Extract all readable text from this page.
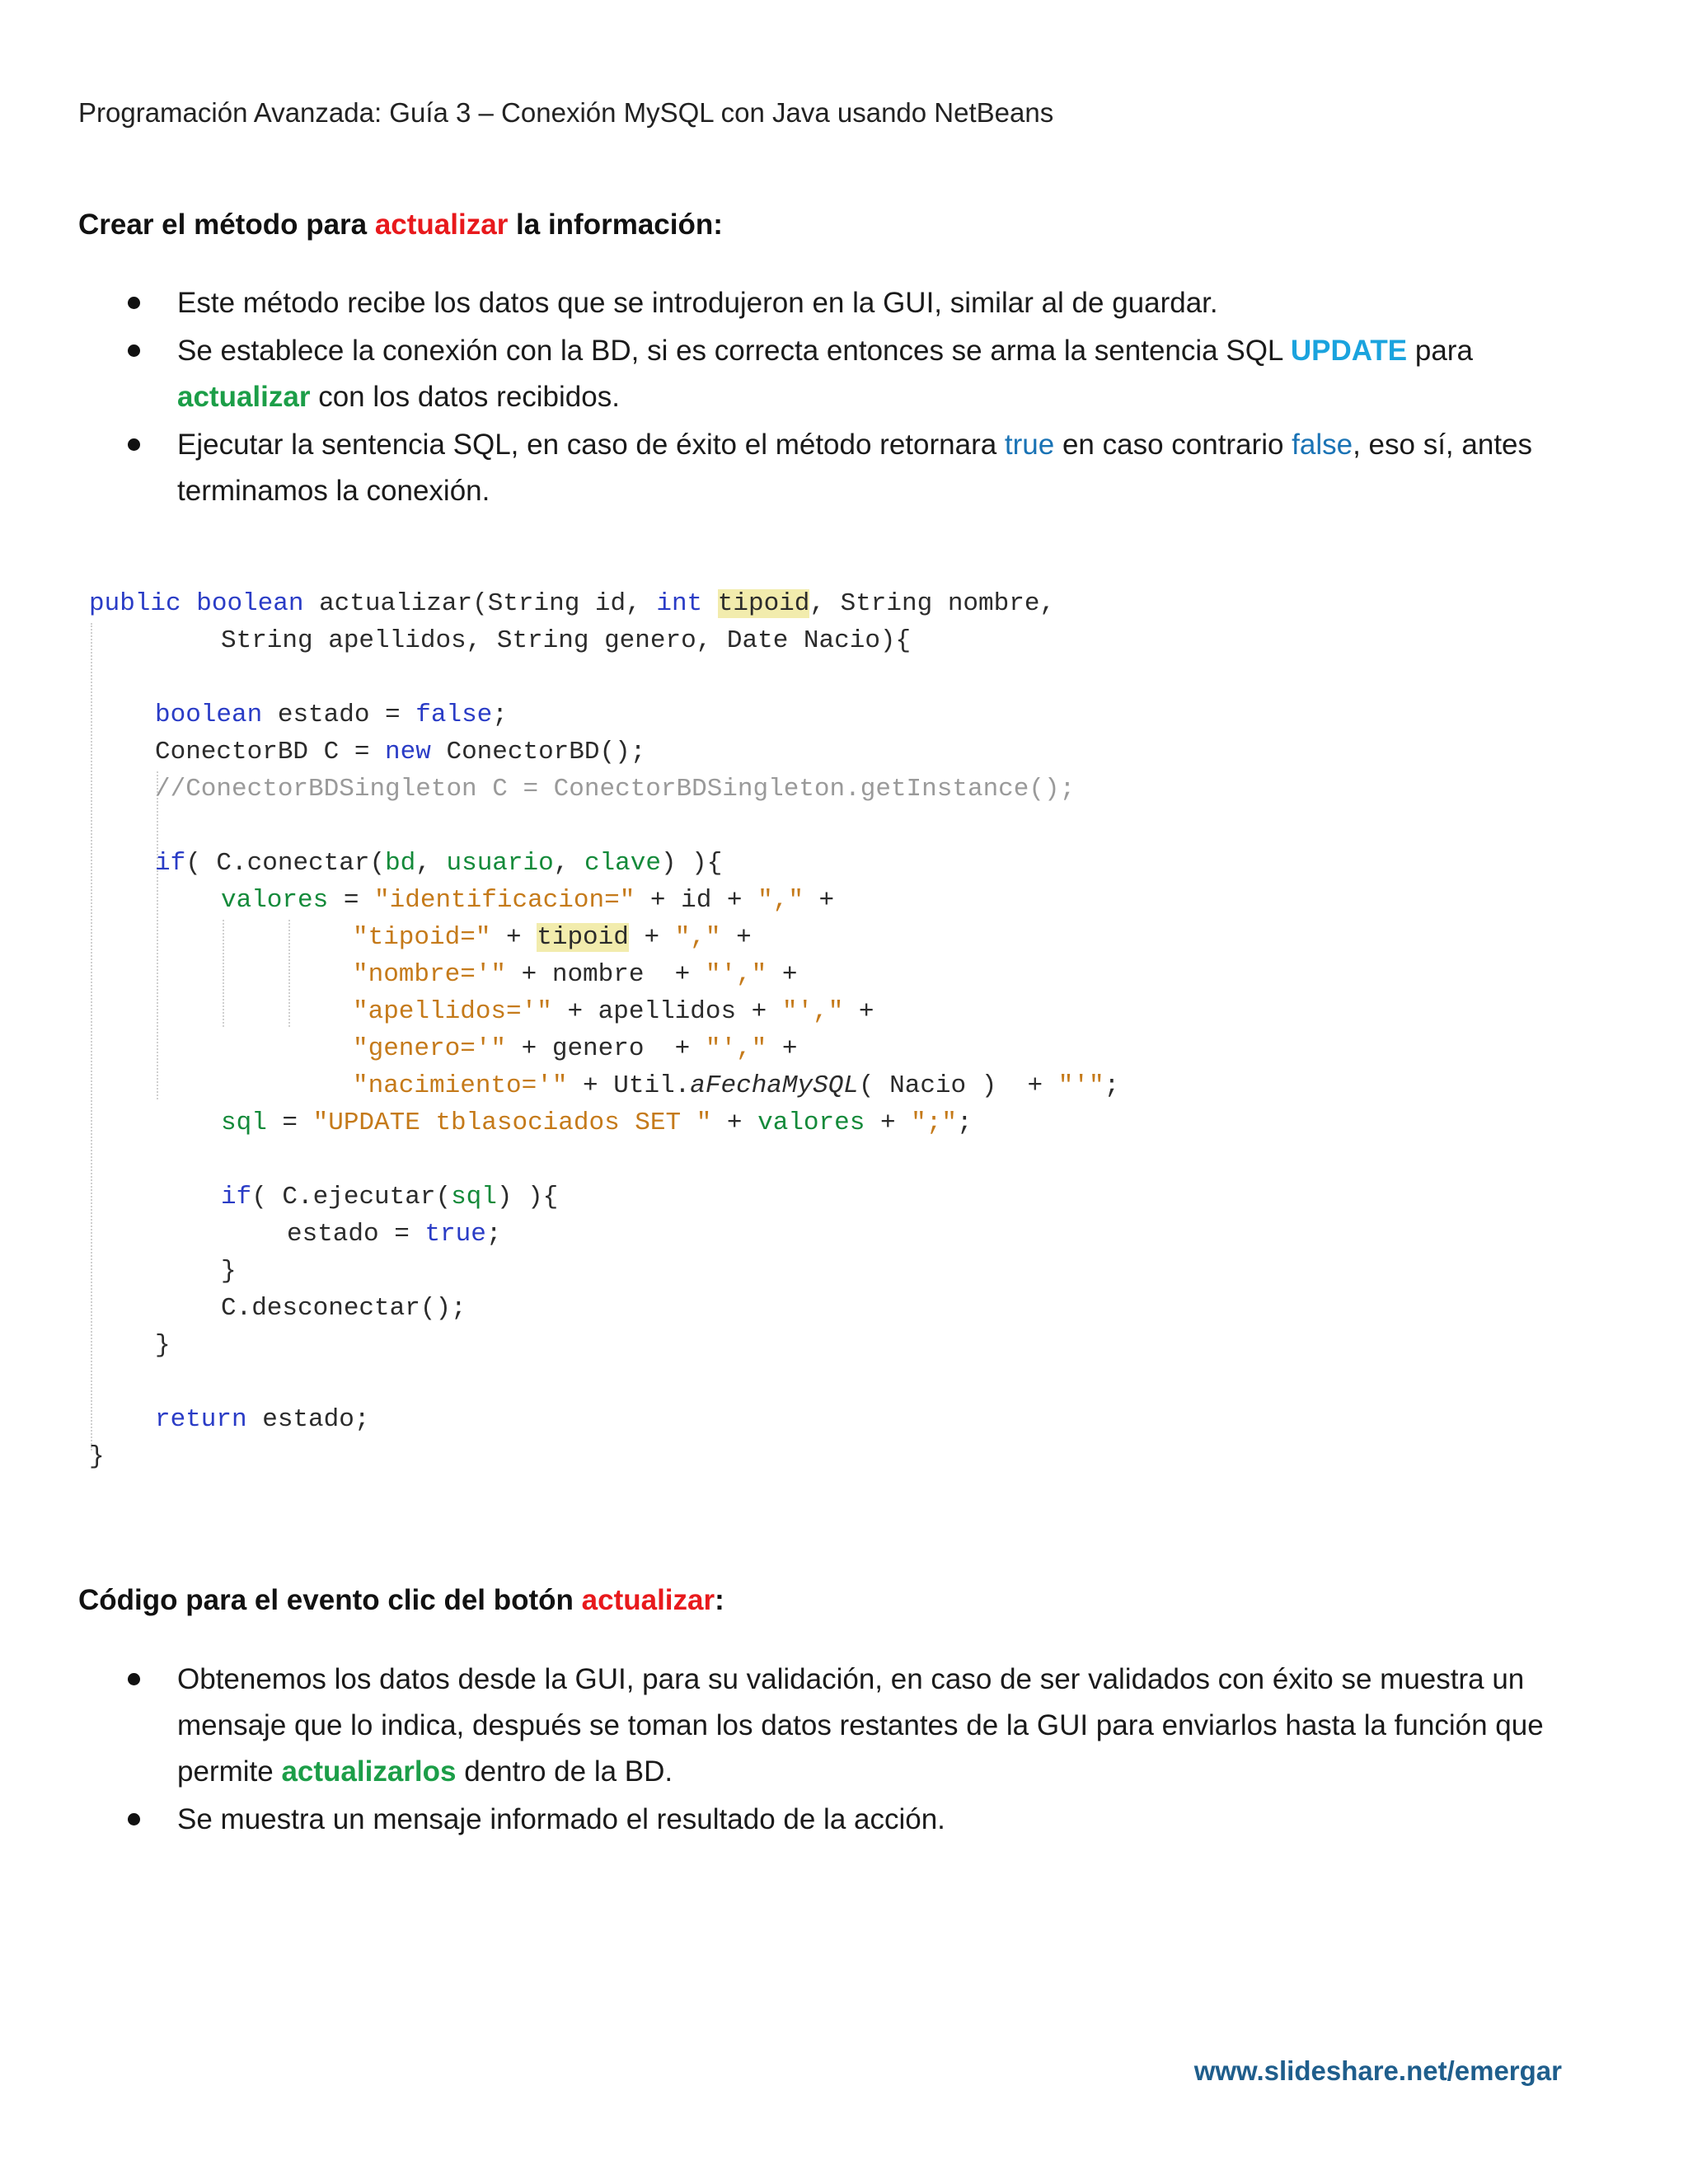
Programación Avanzada: Guía 3 – Conexión MySQL con Java usando NetBeans
Crear el método para actualizar la información:
Este método recibe los datos que se introdujeron en la GUI, similar al de guardar.
Se establece la conexión con la BD, si es correcta entonces se arma la sentencia SQL UPDATE para actualizar con los datos recibidos.
Ejecutar la sentencia SQL, en caso de éxito el método retornara true en caso contrario false, eso sí, antes terminamos la conexión.
public boolean actualizar(String id, int tipoid, String nombre,
String apellidos, String genero, Date Nacio){
boolean estado = false;
ConectorBD C = new ConectorBD();
//ConectorBDSingleton C = ConectorBDSingleton.getInstance();
if( C.conectar(bd, usuario, clave) ){
valores = "identificacion=" + id + "," +
"tipoid=" + tipoid + "," +
"nombre='" + nombre  + "'," +
"apellidos='" + apellidos + "'," +
"genero='" + genero  + "'," +
"nacimiento='" + Util.aFechaMySQL( Nacio )  + "'";
sql = "UPDATE tblasociados SET " + valores + ";";
if( C.ejecutar(sql) ){
estado = true;
}
C.desconectar();
}
return estado;
}
Código para el evento clic del botón actualizar:
Obtenemos los datos desde la GUI, para su validación, en caso de ser validados con éxito se muestra un mensaje que lo indica, después se toman los datos restantes de la GUI para enviarlos hasta la función que permite actualizarlos dentro de la BD.
Se muestra un mensaje informado el resultado de la acción.
www.slideshare.net/emergar
